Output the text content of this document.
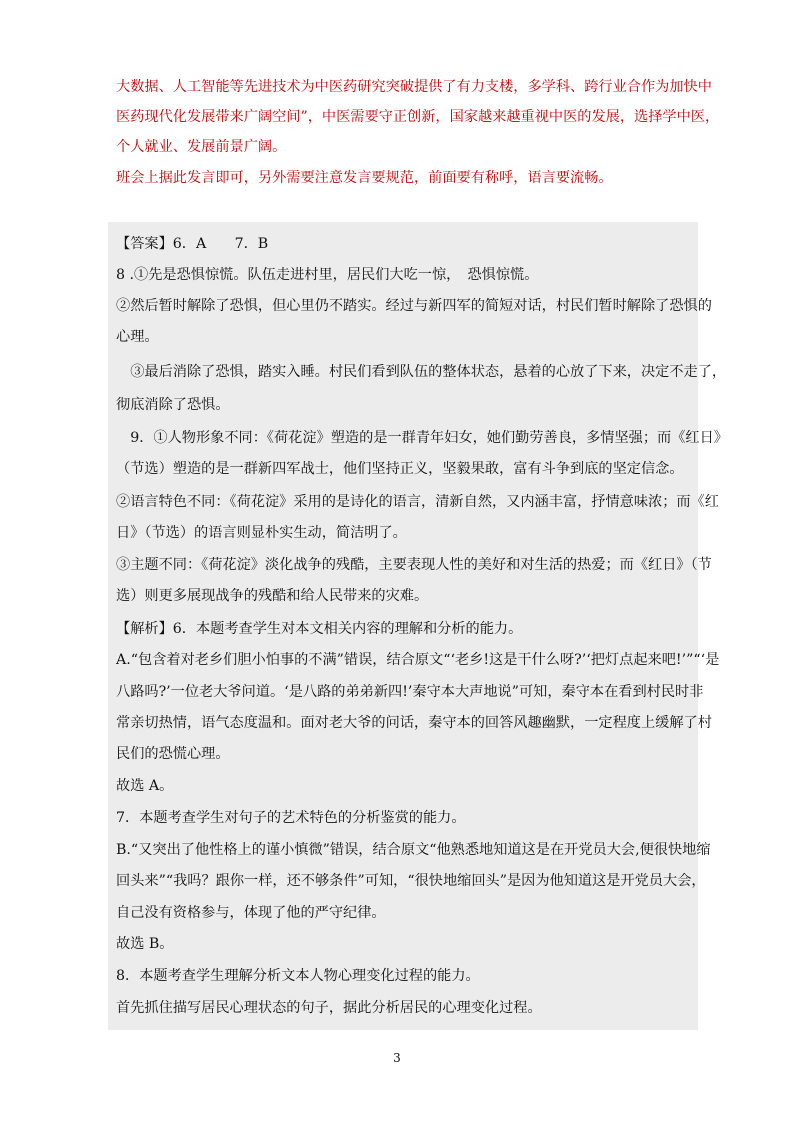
大数据、人工智能等先进技术为中医药研究突破提供了有力支楼，多学科、跨行业合作为加快中
医药现代化发展带来广阔空间”，中医需要守正创新，国家越来越重视中医的发展，选择学中医，
个人就业、发展前景广阔。
班会上据此发言即可，另外需要注意发言要规范，前面要有称呼，语言要流畅。
【答案】6．A　　7．B
8 .①先是恐惧惊慌。队伍走进村里，居民们大吃一惊，　恐惧惊慌。
②然后暂时解除了恐惧，但心里仍不踏实。经过与新四军的简短对话，村民们暂时解除了恐惧的
心理。
　③最后消除了恐惧，踏实入睡。村民们看到队伍的整体状态，悬着的心放了下来，决定不走了，
彻底消除了恐惧。
　9．①人物形象不同：《荷花淀》塑造的是一群青年妇女，她们勤劳善良，多情坚强；而《红日》
（节选）塑造的是一群新四军战士，他们坚持正义，坚毅果敢，富有斗争到底的坚定信念。
②语言特色不同：《荷花淀》采用的是诗化的语言，清新自然，又内涵丰富，抒情意味浓；而《红
日》（节选）的语言则显朴实生动，简洁明了。
③主题不同：《荷花淀》淡化战争的残酷，主要表现人性的美好和对生活的热爱；而《红日》（节
选）则更多展现战争的残酷和给人民带来的灾难。
【解析】6．本题考查学生对本文相关内容的理解和分析的能力。
A.“包含着对老乡们胆小怕事的不满”错误，结合原文“‘老乡!这是干什么呀?’‘把灯点起来吧!’”“‘是
八路吗?’一位老大爷问道。‘是八路的弟弟新四!’秦守本大声地说”可知，秦守本在看到村民时非
常亲切热情，语气态度温和。面对老大爷的问话，秦守本的回答风趣幽默，一定程度上缓解了村
民们的恐慌心理。
故选 A。
7．本题考查学生对句子的艺术特色的分析鉴赏的能力。
B.“又突出了他性格上的谨小慎微”错误，结合原文“他熟悉地知道这是在开党员大会,便很快地缩
回头来”“我吗？跟你一样，还不够条件”可知，“很快地缩回头”是因为他知道这是开党员大会，
自己没有资格参与，体现了他的严守纪律。
故选 B。
8．本题考查学生理解分析文本人物心理变化过程的能力。
首先抓住描写居民心理状态的句子，据此分析居民的心理变化过程。
3
